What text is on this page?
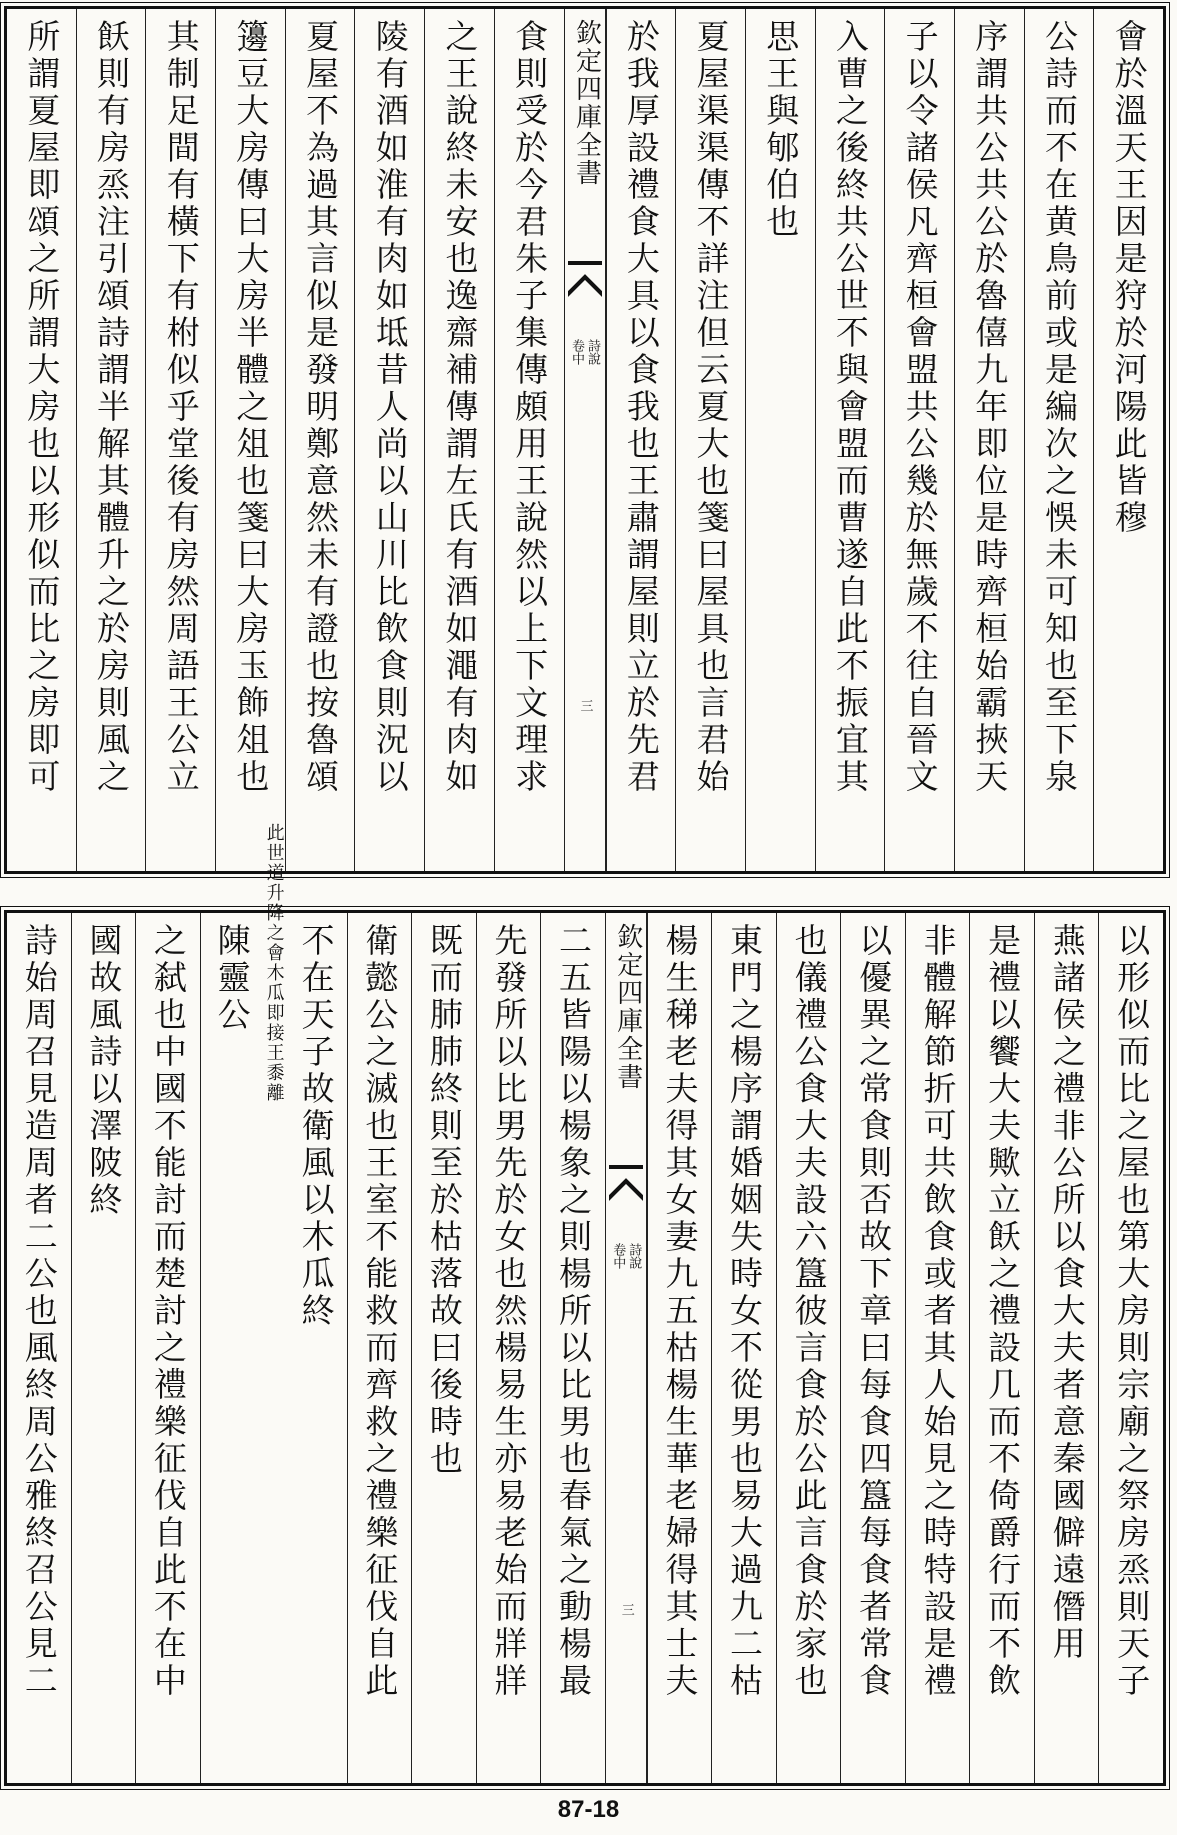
會於溫天王因是狩於河陽此皆穆
公詩而不在黄鳥前或是編次之悞未可知也至下泉
序謂共公共公於魯僖九年即位是時齊桓始霸挾天
子以令諸侯凡齊桓會盟共公幾於無歲不往自晉文
入曹之後終共公世不與會盟而曹遂自此不振宜其
思王與郇伯也
夏屋渠渠傳不詳注但云夏大也箋曰屋具也言君始
於我厚設禮食大具以食我也王肅謂屋則立於先君
欽定四庫全書
詩說
卷中
三
食則受於今君朱子集傳頗用王說然以上下文理求
之王說終未安也逸齋補傳謂左氏有酒如澠有肉如
陵有酒如淮有肉如坻昔人尚以山川比飲食則況以
夏屋不為過其言似是發明鄭意然未有證也按魯頌
籩豆大房傳曰大房半體之俎也箋曰大房玉飾俎也
其制足間有橫下有柎似乎堂後有房然周語王公立
飫則有房烝注引頌詩謂半解其體升之於房則風之
所謂夏屋即頌之所謂大房也以形似而比之房即可
以形似而比之屋也第大房則宗廟之祭房烝則天子
燕諸侯之禮非公所以食大夫者意秦國僻遠僭用
是禮以饗大夫歟立飫之禮設几而不倚爵行而不飲
非體解節折可共飲食或者其人始見之時特設是禮
以優異之常食則否故下章曰每食四簋每食者常食
也儀禮公食大夫設六簋彼言食於公此言食於家也
東門之楊序謂婚姻失時女不從男也易大過九二枯
楊生稊老夫得其女妻九五枯楊生華老婦得其士夫
欽定四庫全書
詩說
卷中
三
二五皆陽以楊象之則楊所以比男也春氣之動楊最
先發所以比男先於女也然楊易生亦易老始而牂牂
既而肺肺終則至於枯落故曰後時也
衛懿公之滅也王室不能救而齊救之禮樂征伐自此
不在天子故衛風以木瓜終
木瓜即接王黍離
此世道升降之會
陳靈公
之弑也中國不能討而楚討之禮樂征伐自此不在中
國故風詩以澤陂終
詩始周召見造周者二公也風終周公雅終召公見二
87-18
